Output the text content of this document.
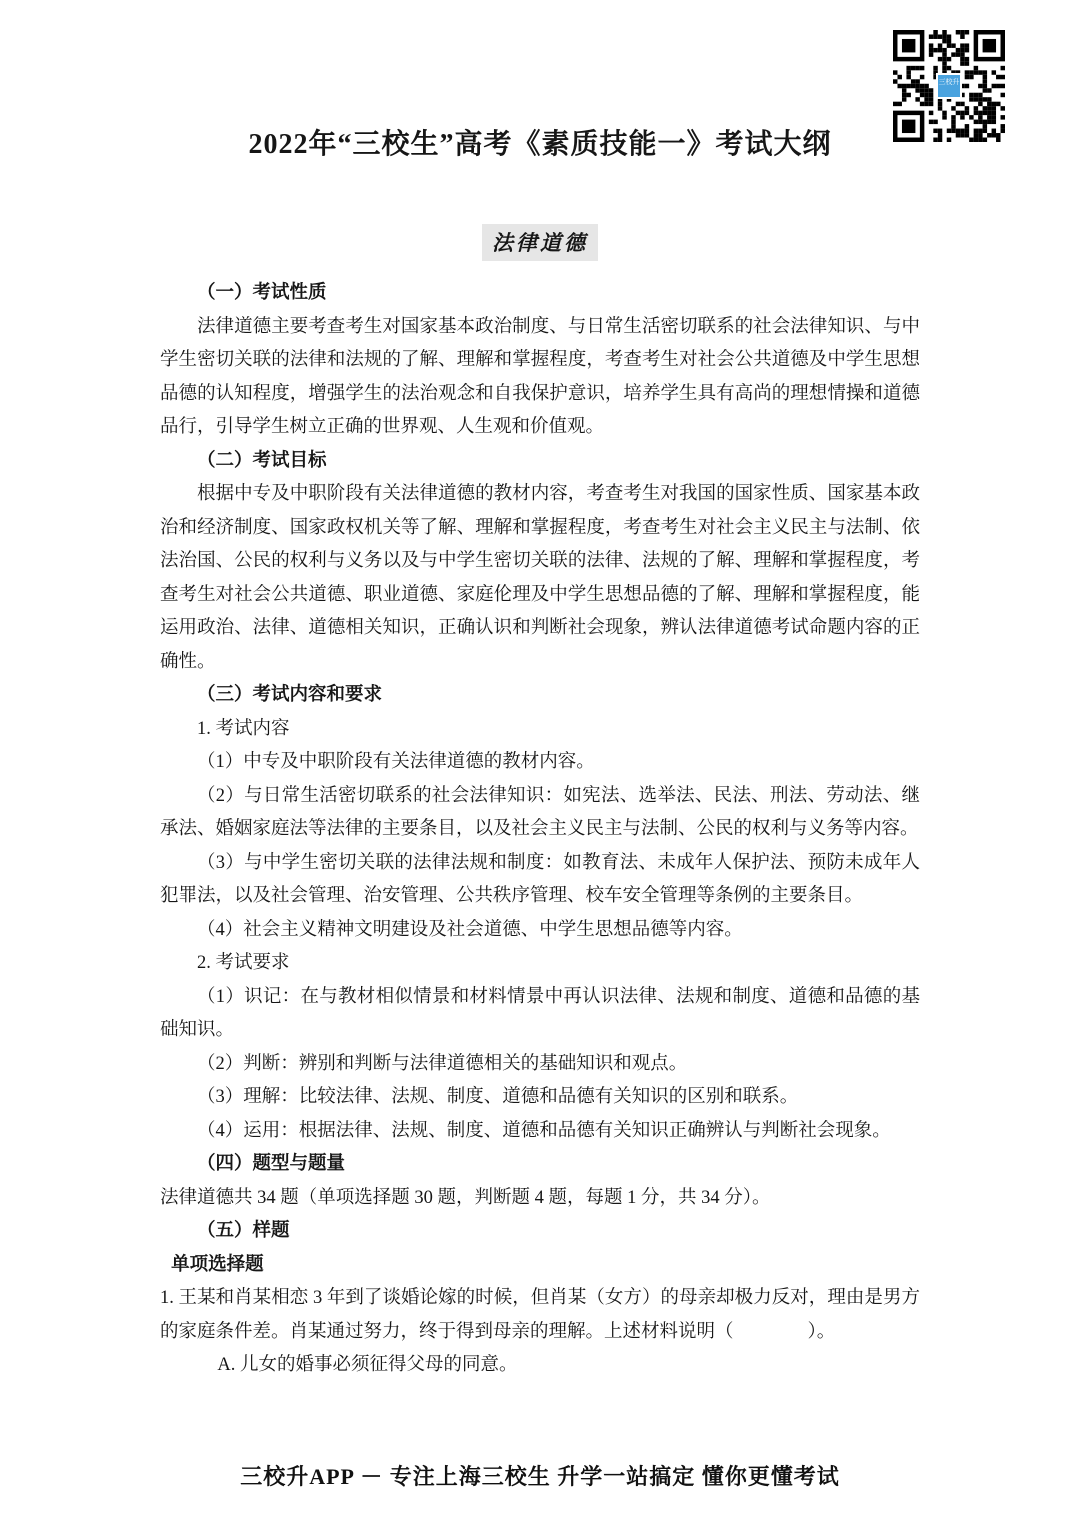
三校升
2022年“三校生”高考《素质技能一》考试大纲
法律道德

（一）考试性质

法律道德主要考查考生对国家基本政治制度、与日常生活密切联系的社会法律知识、与中学生密切关联的法律和法规的了解、理解和掌握程度，考查考生对社会公共道德及中学生思想品德的认知程度，增强学生的法治观念和自我保护意识，培养学生具有高尚的理想情操和道德品行，引导学生树立正确的世界观、人生观和价值观。

（二）考试目标

根据中专及中职阶段有关法律道德的教材内容，考查考生对我国的国家性质、国家基本政治和经济制度、国家政权机关等了解、理解和掌握程度，考查考生对社会主义民主与法制、依法治国、公民的权利与义务以及与中学生密切关联的法律、法规的了解、理解和掌握程度，考查考生对社会公共道德、职业道德、家庭伦理及中学生思想品德的了解、理解和掌握程度，能运用政治、法律、道德相关知识，正确认识和判断社会现象，辨认法律道德考试命题内容的正确性。

（三）考试内容和要求

1. 考试内容

（1）中专及中职阶段有关法律道德的教材内容。

（2）与日常生活密切联系的社会法律知识：如宪法、选举法、民法、刑法、劳动法、继承法、婚姻家庭法等法律的主要条目，以及社会主义民主与法制、公民的权利与义务等内容。

（3）与中学生密切关联的法律法规和制度：如教育法、未成年人保护法、预防未成年人犯罪法，以及社会管理、治安管理、公共秩序管理、校车安全管理等条例的主要条目。

（4）社会主义精神文明建设及社会道德、中学生思想品德等内容。

2. 考试要求

（1）识记：在与教材相似情景和材料情景中再认识法律、法规和制度、道德和品德的基础知识。

（2）判断：辨别和判断与法律道德相关的基础知识和观点。

（3）理解：比较法律、法规、制度、道德和品德有关知识的区别和联系。

（4）运用：根据法律、法规、制度、道德和品德有关知识正确辨认与判断社会现象。

（四）题型与题量

法律道德共 34 题（单项选择题 30 题，判断题 4 题，每题 1 分，共 34 分）。

（五）样题

单项选择题

1. 王某和肖某相恋 3 年到了谈婚论嫁的时候，但肖某（女方）的母亲却极力反对，理由是男方的家庭条件差。肖某通过努力，终于得到母亲的理解。上述材料说明（　　　　）。

A. 儿女的婚事必须征得父母的同意。

三校升APP － 专注上海三校生 升学一站搞定 懂你更懂考试
